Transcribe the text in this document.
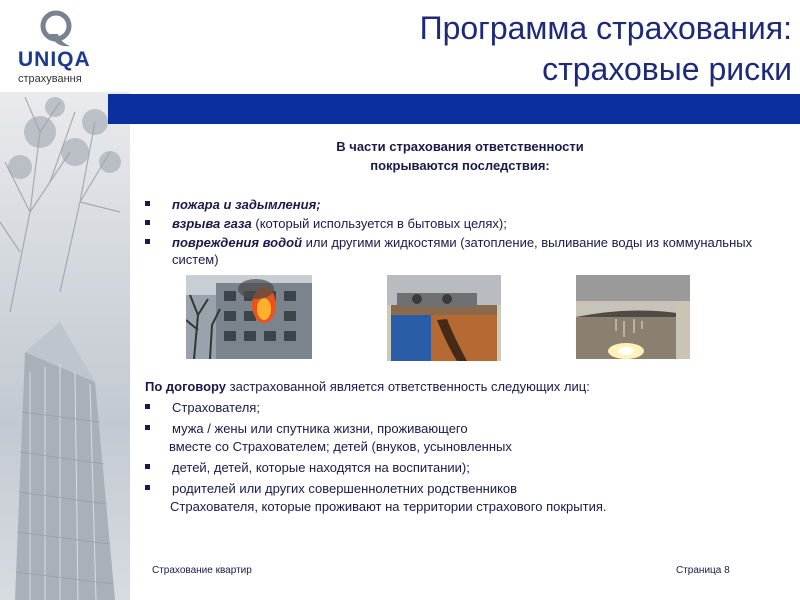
UNIQA
страхування
Программа страхования:
страховые риски
В части страхования ответственности
покрываются последствия:
пожара и задымления;
взрыва газа (который используется в бытовых целях);
повреждения водой или другими жидкостями (затопление, выливание воды из коммунальных систем)
По договору застрахованной является ответственность следующих лиц:
Страхователя;
мужа / жены или спутника жизни, проживающего
вместе со Страхователем; детей (внуков, усыновленных
детей, детей, которые находятся на воспитании);
родителей или других совершеннолетних родственников
Страхователя, которые проживают на территории страхового покрытия.
Страхование квартир	Страница 8
